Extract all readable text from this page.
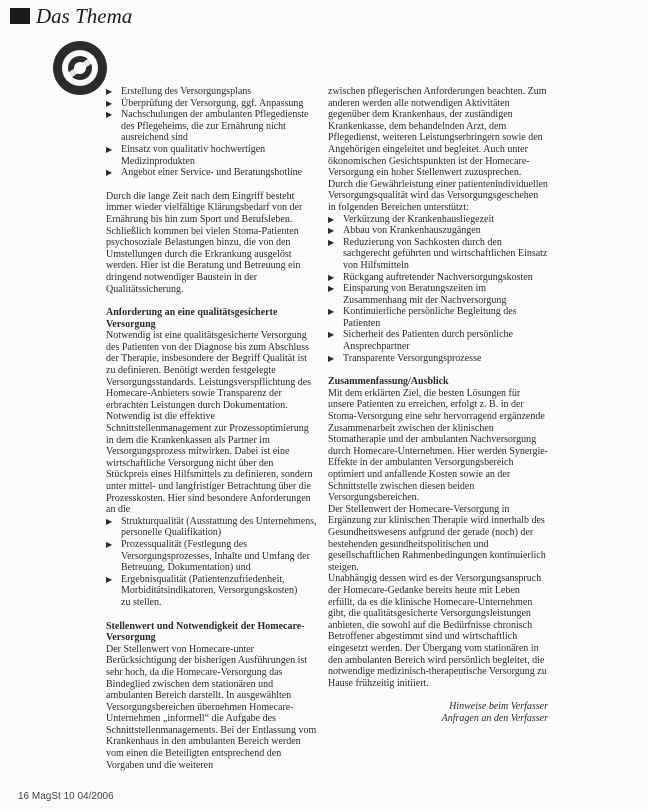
Das Thema
▶ Erstellung des Versorgungsplans
▶ Überprüfung der Versorgung, ggf. Anpassung
▶ Nachschulungen der ambulanten Pflegedienste des Pflegeheims, die zur Ernährung nicht ausreichend sind
▶ Einsatz von qualitativ hochwertigen Medizinprodukten
▶ Angebot einer Service- und Beratungshotline

Durch die lange Zeit nach dem Eingriff besteht immer wieder vielfältige Klärungsbedarf von der Ernährung bis hin zum Sport und Berufsleben. Schließlich kommen bei vielen Stoma-Patienten psychosoziale Belastungen hinzu, die von den Umstellungen durch die Erkrankung ausgelöst werden. Hier ist die Beratung und Betreuung ein dringend notwendiger Baustein in der Qualitätssicherung.

Anforderung an eine qualitätsgesicherte Versorgung

Notwendig ist eine qualitätsgesicherte Versorgung des Patienten von der Diagnose bis zum Abschluss der Therapie, insbesondere der Begriff Qualität ist zu definieren. Benötigt werden festgelegte Versorgungsstandards. Leistungsverspflichtung des Homecare-Anbieters sowie Transparenz der erbrachten Leistungen durch Dokumentation. Notwendig ist die effektive Schnittstellenmanagement zur Prozessoptimierung in dem die Krankenkassen als Partner im Versorgungsprozess mitwirken. Dabei ist eine wirtschaftliche Versorgung nicht über den Stückpreis eines Hilfsmittels zu definieren, sondern unter mittel- und langfristiger Betrachtung über die Prozesskosten. Hier sind besondere Anforderungen an die

▶ Strukturqualität (Ausstattung des Unternehmens, personelle Qualifikation)
▶ Prozessqualität (Festlegung des Versorgungsprozesses, Inhalte und Umfang der Betreuung, Dokumentation) und
▶ Ergebnisqualität (Patientenzufriedenheit, Morbiditätsindikatoren, Versorgungskosten)

zu stellen.

Stellenwert und Notwendigkeit der Homecare-Versorgung

Der Stellenwert von Homecare-unter Berücksichtigung der bisherigen Ausführungen ist sehr hoch, da die Homecare-Versorgung das Bindeglied zwischen dem stationären und ambulanten Bereich darstellt. In ausgewählten Versorgungsbereichen übernehmen Homecare-Unternehmen „informell“ die Aufgabe des Schnittstellenmanagements. Bei der Entlassung vom Krankenhaus in den ambulanten Bereich werden vom einen die Beteiligten entsprechend den Vorgaben und die weiteren

zwischen pflegerischen Anforderungen beachten. Zum anderen werden alle notwendigen Aktivitäten gegenüber dem Krankenhaus, der zuständigen Krankenkasse, dem behandelnden Arzt, dem Pflegedienst, weiteren Leistungserbringern sowie den Angehörigen eingeleitet und begleitet. Auch unter ökonomischen Gesichtspunkten ist der Homecare-Versorgung ein hoher Stellenwert zuzusprechen. Durch die Gewährleistung einer patientenindividuellen Versorgungsqualität wird das Versorgungsgeschehen in folgenden Bereichen unterstützt:

▶ Verkürzung der Krankenhausliegezeit
▶ Abbau von Krankenhauszugängen
▶ Reduzierung von Sachkosten durch den sachgerecht geführten und wirtschaftlichen Einsatz von Hilfsmitteln
▶ Rückgang auftretender Nachversorgungskosten
▶ Einsparung von Beratungszeiten im Zusammenhang mit der Nachversorgung
▶ Kontinuierliche persönliche Begleitung des Patienten
▶ Sicherheit des Patienten durch persönliche Ansprechpartner
▶ Transparente Versorgungsprozesse

Zusammenfassung/Ausblick

Mit dem erklärten Ziel, die besten Lösungen für unsere Patienten zu erreichen, erfolgt z. B. in der Stoma-Versorgung eine sehr hervorragend ergänzende Zusammenarbeit zwischen der klinischen Stomatherapie und der ambulanten Nachversorgung durch Homecare-Unternehmen. Hier werden Synergie-Effekte in der ambulanten Versorgungsbereich optimiert und anfallende Kosten sowie an der Schnittstelle zwischen diesen beiden Versorgungsbereichen.

Der Stellenwert der Homecare-Versorgung in Ergänzung zur klinischen Therapie wird innerhalb des Gesundheitswesens aufgrund der gerade (noch) der bestehenden gesundheitspolitischen und gesellschaftlichen Rahmenbedingungen kontinuierlich steigen.

Unabhängig dessen wird es der Versorgungsanspruch der Homecare-Gedanke bereits heute mit Leben erfüllt, da es die klinische Homecare-Unternehmen gibt, die qualitätsgesicherte Versorgungsleistungen anbieten, die sowohl auf die Bedürfnisse chronisch Betroffener abgestimmt sind und wirtschaftlich eingesetzt werden. Der Übergang vom stationären in den ambulanten Bereich wird persönlich begleitet, die notwendige medizinisch-therapeutische Versorgung zu Hause frühzeitig initiiert.

Hinweise beim Verfasser

Anfragen an den Verfasser

16 MagSt 10 04/2006
